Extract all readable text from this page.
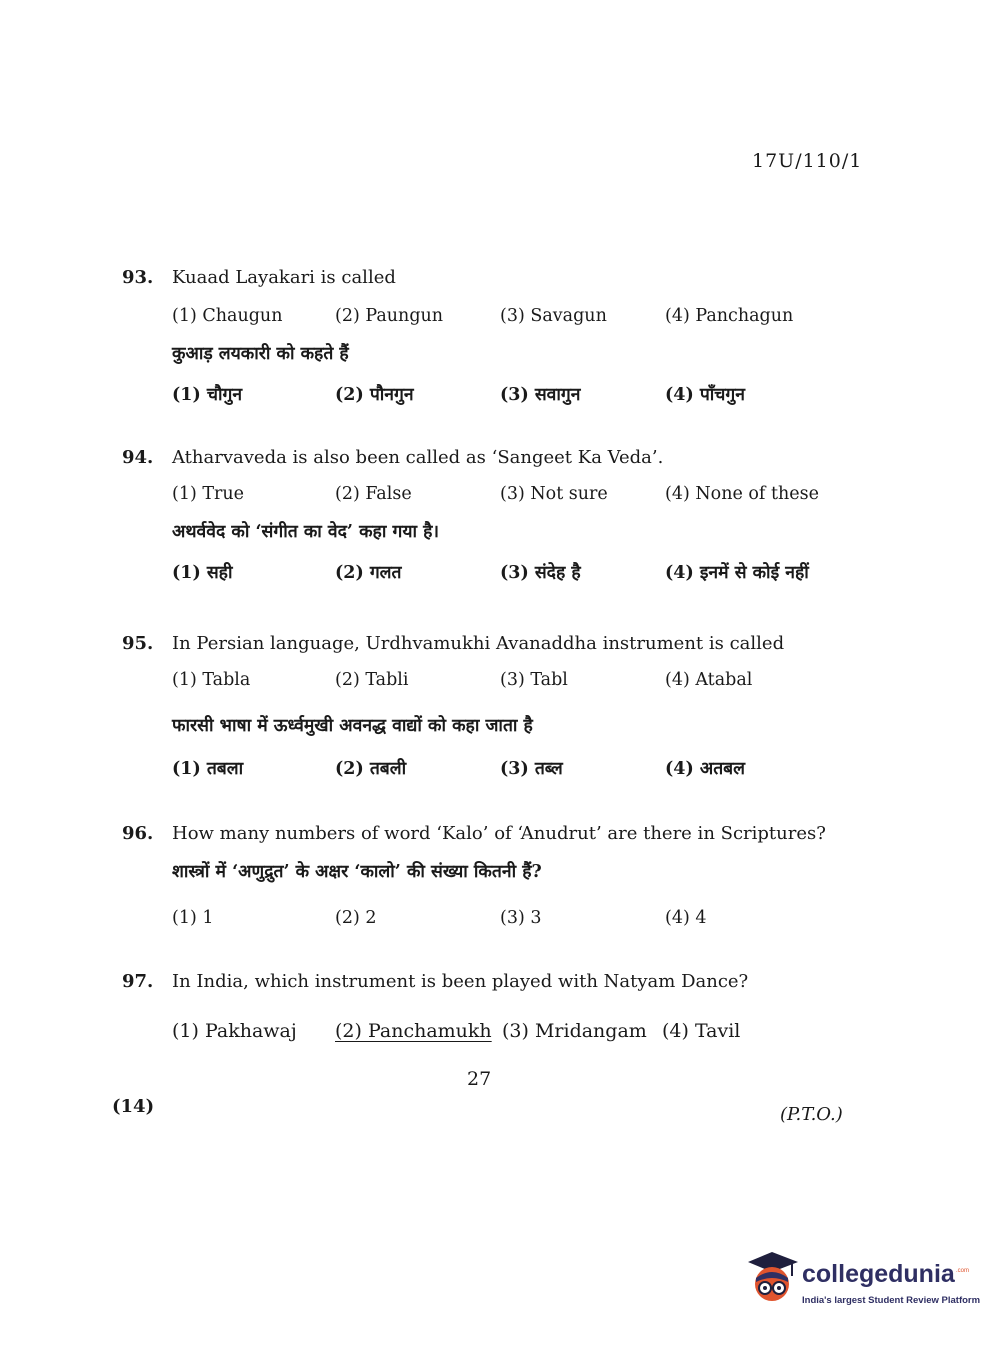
17U/110/1
93.	Kuaad Layakari is called
(1) Chaugun	(2) Paungun	(3) Savagun	(4) Panchagun
कुआड़ लयकारी को कहते हैं
(1) चौगुन	(2) पौनगुन	(3) सवागुन	(4) पाँचगुन
94.	Atharvaveda is also been called as ‘Sangeet Ka Veda’.
(1) True	(2) False	(3) Not sure	(4) None of these
अथर्ववेद को ‘संगीत का वेद’ कहा गया है।
(1) सही	(2) गलत	(3) संदेह है	(4) इनमें से कोई नहीं
95.	In Persian language, Urdhvamukhi Avanaddha instrument is called
(1) Tabla	(2) Tabli	(3) Tabl	(4) Atabal
फारसी भाषा में ऊर्ध्वमुखी अवनद्ध वाद्यों को कहा जाता है
(1) तबला	(2) तबली	(3) तब्ल	(4) अतबल
96.	How many numbers of word ‘Kalo’ of ‘Anudrut’ are there in Scriptures?
शास्त्रों में ‘अणुद्रुत’ के अक्षर ‘कालो’ की संख्या कितनी हैं?
(1) 1	(2) 2	(3) 3	(4) 4
97.	In India, which instrument is been played with Natyam Dance?
(1) Pakhawaj (2) Panchamukh (3) Mridangam (4) Tavil
27
(14)	(P.T.O.)
collegedunia .com
India's largest Student Review Platform
